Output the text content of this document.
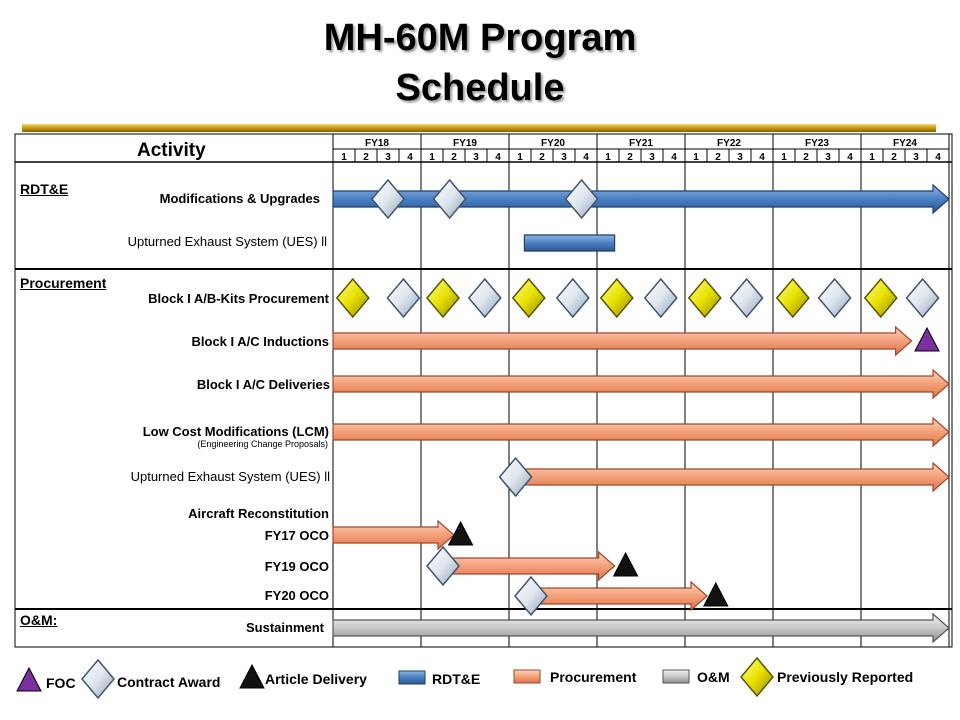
MH-60M Program
Schedule
FY18
1 2 3 4
FY19
1 2 3 4
FY20
1 2 3 4
FY21
1 2 3 4
FY22
1 2 3 4
FY23
1 2 3 4
FY24
1 2 3 4
Activity
RDT&E
Procurement
O&M:
Modifications & Upgrades
Upturned Exhaust System (UES) ll
Block I A/B-Kits Procurement
Block I A/C Inductions
Block I A/C Deliveries
Low Cost Modifications (LCM)
(Engineering Change Proposals)
Upturned Exhaust System (UES) ll
Aircraft Reconstitution
FY17 OCO
FY19 OCO
FY20 OCO
Sustainment
FOC	Contract Award	Article Delivery	RDT&E	Procurement	O&M	Previously Reported
